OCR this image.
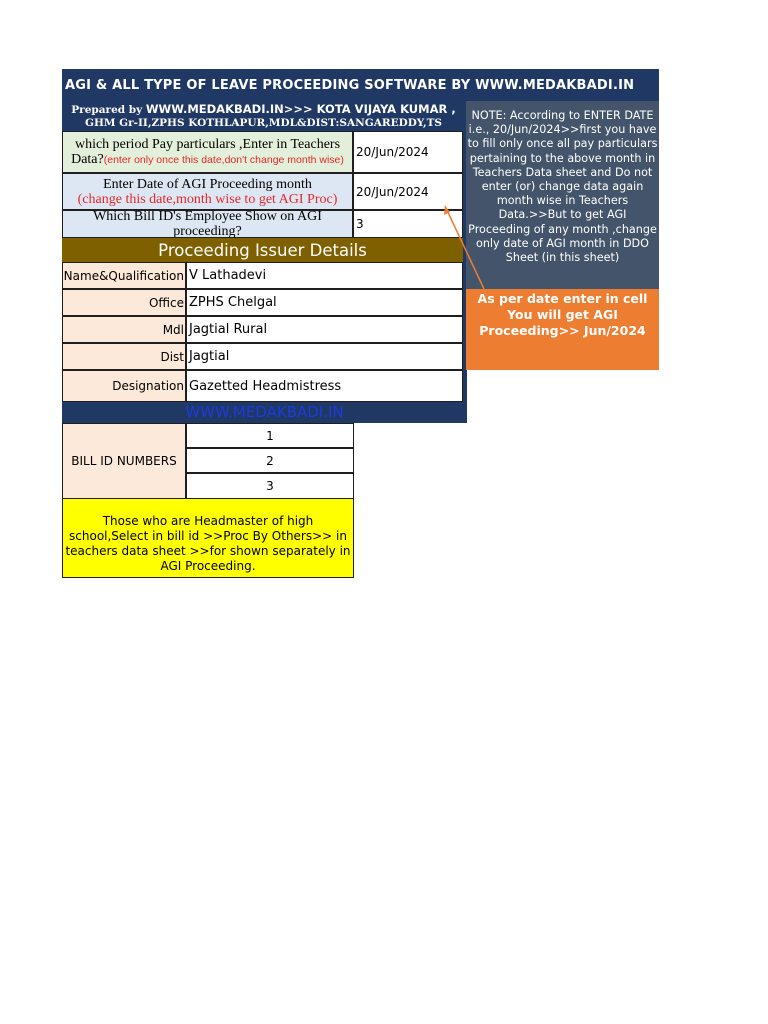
AGI & ALL TYPE OF LEAVE PROCEEDING SOFTWARE BY WWW.MEDAKBADI.IN
Prepared by WWW.MEDAKBADI.IN>>> KOTA VIJAYA KUMAR ,
GHM Gr-II,ZPHS KOTHLAPUR,MDL&DIST:SANGAREDDY,TS
which period Pay particulars ,Enter in Teachers Data?(enter only once this date,don't change month wise)
20/Jun/2024
Enter Date of AGI Proceeding month
(change this date,month wise to get AGI Proc) 20/Jun/2024
Which Bill ID's Employee Show on AGI proceeding?	3
Proceeding Issuer Details
Name&Qualification V Lathadevi
Office ZPHS Chelgal
Mdl Jagtial Rural
Dist Jagtial
Designation Gazetted Headmistress
WWW.MEDAKBADI.IN
NOTE: According to ENTER DATE i.e., 20/Jun/2024>>first you have to fill only once all pay particulars pertaining to the above month in Teachers Data sheet and Do not enter (or) change data again month wise in Teachers Data.>>But to get AGI Proceeding of any month ,change only date of AGI month in DDO Sheet (in this sheet)
As per date enter in cell You will get AGI Proceeding>> Jun/2024
BILL ID NUMBERS
1
2
3
Those who are Headmaster of high school,Select in bill id >>Proc By Others>> in teachers data sheet >>for shown separately in AGI Proceeding.
